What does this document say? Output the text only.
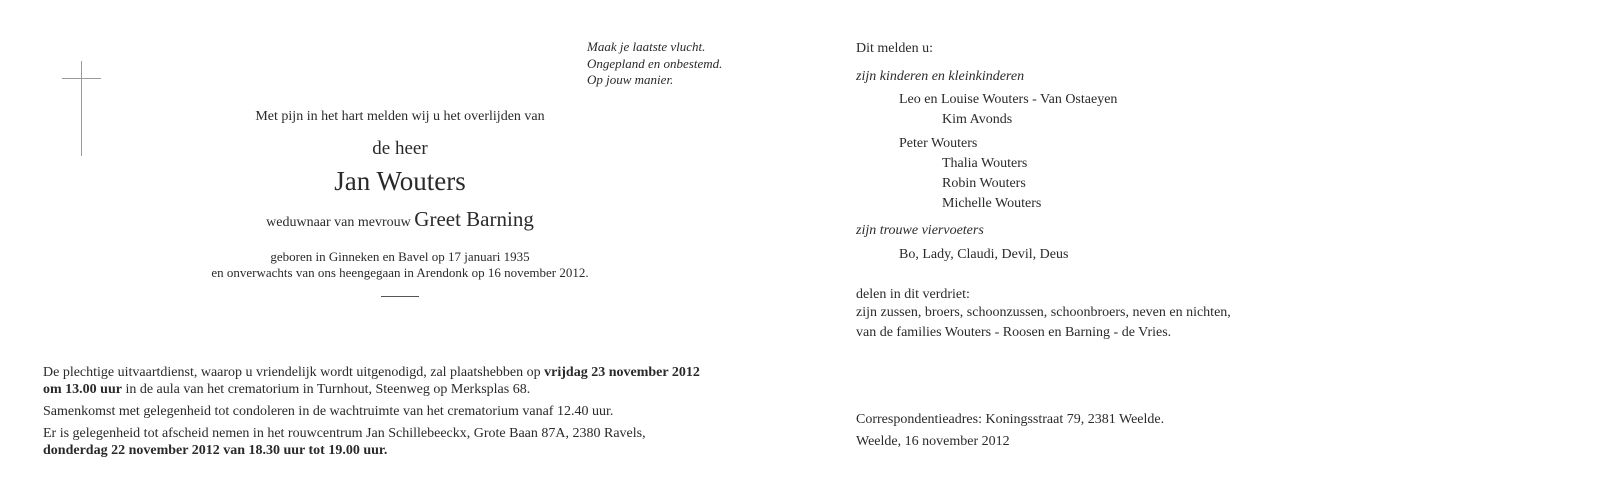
Maak je laatste vlucht.
Ongepland en onbestemd.
Op jouw manier.
Met pijn in het hart melden wij u het overlijden van
de heer
Jan Wouters
weduwnaar van mevrouw Greet Barning
geboren in Ginneken en Bavel op 17 januari 1935
en onverwachts van ons heengegaan in Arendonk op 16 november 2012.

De plechtige uitvaartdienst, waarop u vriendelijk wordt uitgenodigd, zal plaatshebben op vrijdag 23 november 2012
om 13.00 uur in de aula van het crematorium in Turnhout, Steenweg op Merksplas 68.

Samenkomst met gelegenheid tot condoleren in de wachtruimte van het crematorium vanaf 12.40 uur.

Er is gelegenheid tot afscheid nemen in het rouwcentrum Jan Schillebeeckx, Grote Baan 87A, 2380 Ravels,
donderdag 22 november 2012 van 18.30 uur tot 19.00 uur.

Dit melden u:
zijn kinderen en kleinkinderen
Leo en Louise Wouters - Van Ostaeyen
Kim Avonds
Peter Wouters
Thalia Wouters
Robin Wouters
Michelle Wouters
zijn trouwe viervoeters
Bo, Lady, Claudi, Devil, Deus
delen in dit verdriet:
zijn zussen, broers, schoonzussen, schoonbroers, neven en nichten,
van de families Wouters - Roosen en Barning - de Vries.
Correspondentieadres: Koningsstraat 79, 2381 Weelde.
Weelde, 16 november 2012
